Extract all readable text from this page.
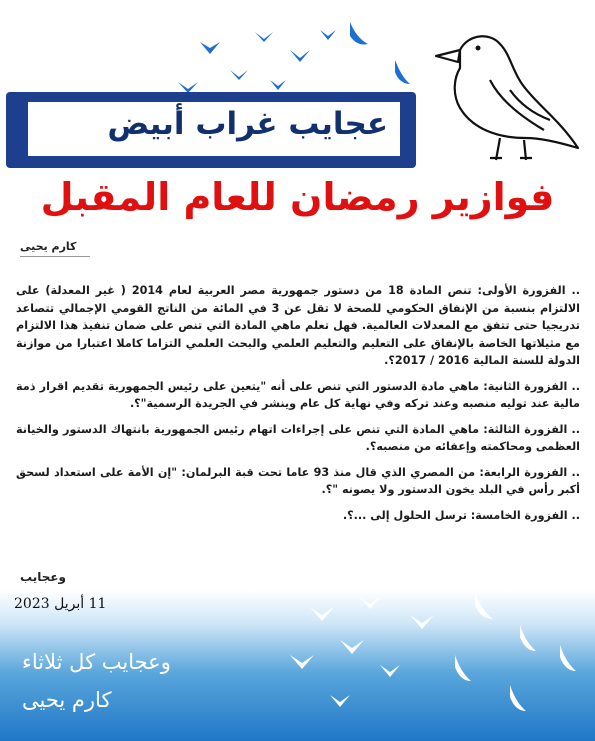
عجايب غراب أبيض
فوازير رمضان للعام المقبل
كارم يحيى

.. الفزورة الأولى: تنص المادة 18 من دستور جمهورية مصر العربية لعام 2014 ( غير المعدلة) على الالتزام بنسبة من الإنفاق الحكومي للصحة لا تقل عن 3 في المائة من الناتج القومي الإجمالي تتصاعد تدريجيا حتى تتفق مع المعدلات العالمية. فهل تعلم ماهي المادة التي تنص على ضمان تنفيذ هذا الالتزام مع مثيلاتها الخاصة بالإنفاق على التعليم والتعليم العلمي والبحث العلمي التزاما كاملا اعتبارا من موازنة الدولة للسنة المالية 2016 / 2017؟.

.. الفزورة الثانية: ماهي مادة الدستور التي تنص على أنه "يتعين على رئيس الجمهورية تقديم اقرار ذمة مالية عند توليه منصبه وعند تركه وفي نهاية كل عام وينشر في الجريدة الرسمية"؟.

.. الفزورة الثالثة: ماهي المادة التي تنص على إجراءات اتهام رئيس الجمهورية بانتهاك الدستور والخيانة العظمى ومحاكمته وإعفائه من منصبه؟.

.. الفزورة الرابعة: من المصري الذي قال منذ 93 عاما تحت قبة البرلمان: "إن الأمة على استعداد لسحق أكبر رأس في البلد يخون الدستور ولا يصونه "؟.

.. الفزورة الخامسة: ترسل الحلول إلى ...؟.

وعجايب
11 أبريل 2023
وعجايب كل ثلاثاء
كارم يحيى
